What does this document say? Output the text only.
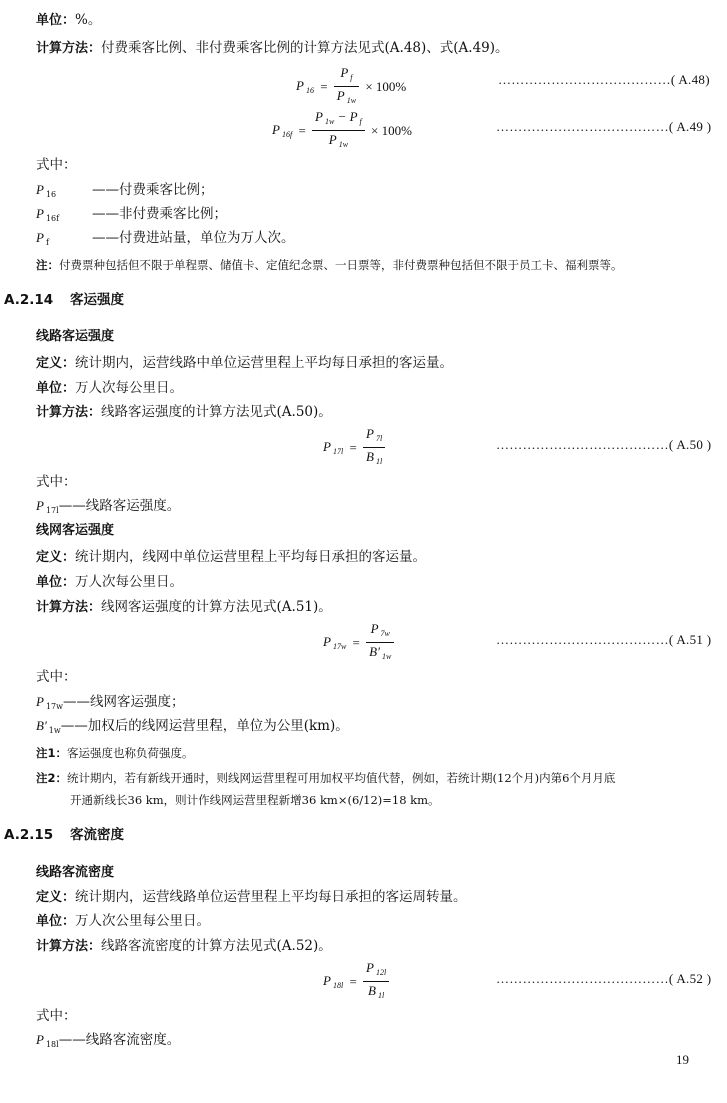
单位：%。
计算方法：付费乘客比例、非付费乘客比例的计算方法见式(A.48)、式(A.49)。
P $_{16} = \frac{P _f}{P _{1w}} \times 100\%$	…………………………………( A.48)
P $_{16f} = \frac{P _{1w} - P _f}{P _{1w}} \times 100\%$	…………………………………( A.49 )
式中：
P $_{16}$	——付费乘客比例；
P $_{16f}$ ——非付费乘客比例；
P $_f$	——付费进站量，单位为万人次。
注：付费票种包括但不限于单程票、储值卡、定值纪念票、一日票等，非付费票种包括但不限于员工卡、福利票等。
A.2.14 客运强度
线路客运强度
定义：统计期内，运营线路中单位运营里程上平均每日承担的客运量。
单位：万人次每公里日。
计算方法：线路客运强度的计算方法见式(A.50)。
P $_{17l} = \frac{P _{7l}}{B _{1l}}$	…………………………………( A.50 )
式中：
P $_{17l}$——线路客运强度。
线网客运强度
定义：统计期内，线网中单位运营里程上平均每日承担的客运量。
单位：万人次每公里日。
计算方法：线网客运强度的计算方法见式(A.51)。
P $_{17w} = \frac{P _{7w}}{B' _{1w}}$	…………………………………( A.51 )
式中：
P $_{17w}$——线网客运强度；
B′ $_{1w}$——加权后的线网运营里程，单位为公里(km)。
注1：客运强度也称负荷强度。
注2：统计期内，若有新线开通时，则线网运营里程可用加权平均值代替，例如，若统计期(12个月)内第6个月月底
开通新线长36 km，则计作线网运营里程新增36 km×(6/12)=18 km。
A.2.15 客流密度
线路客流密度
定义：统计期内，运营线路单位运营里程上平均每日承担的客运周转量。
单位：万人次公里每公里日。
计算方法：线路客流密度的计算方法见式(A.52)。
P $_{18l} = \frac{P _{12l}}{B _{1l}}$	…………………………………( A.52 )
式中：
P $_{18l}$——线路客流密度。
19
